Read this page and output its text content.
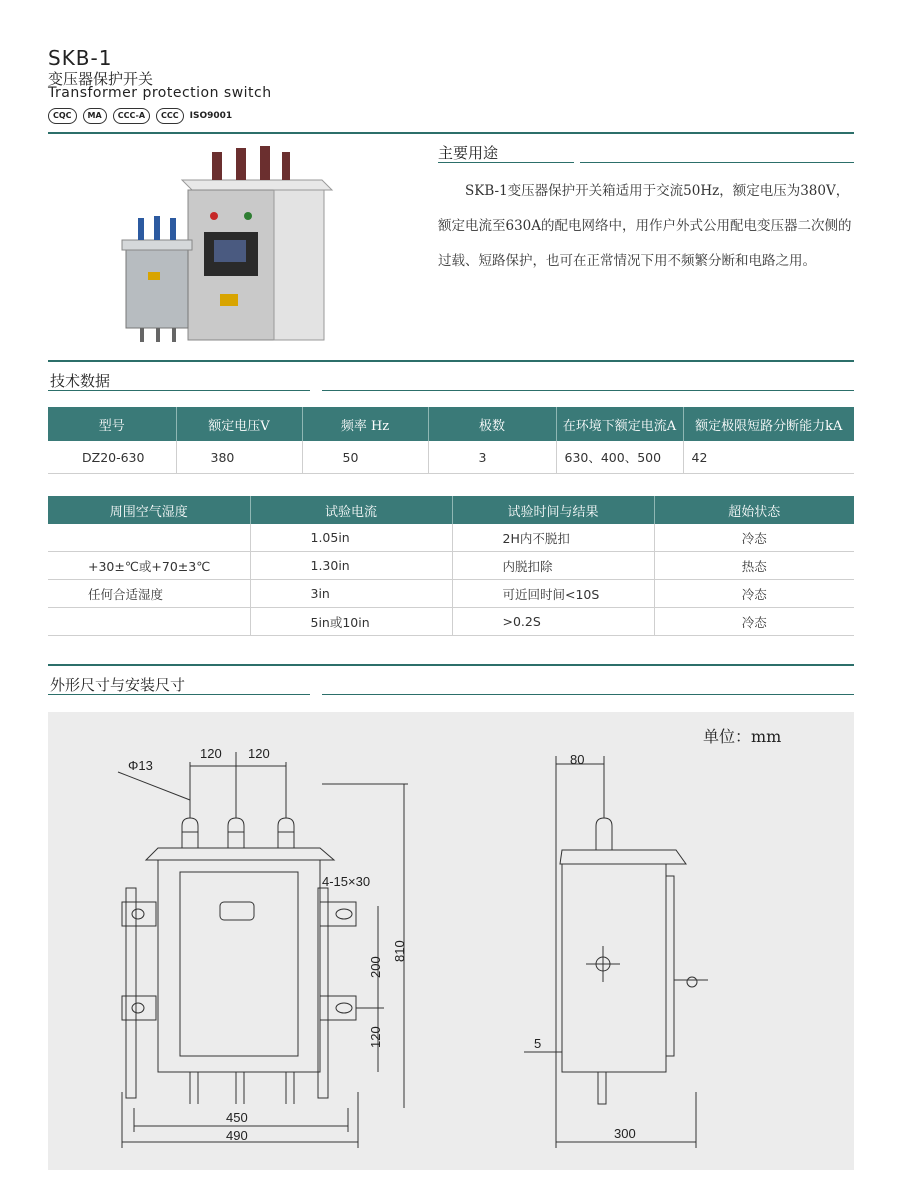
SKB-1
变压器保护开关
Transformer protection switch
CQC	MA	CCC-A	CCC	ISO9001
主要用途
SKB-1变压器保护开关箱适用于交流50Hz，额定电压为380V，额定电流至630A的配电网络中，用作户外式公用配电变压器二次侧的过载、短路保护，也可在正常情况下用不频繁分断和电路之用。
技术数据
型号	额定电压V	频率 Hz	极数	在环境下额定电流A	额定极限短路分断能力kA
DZ20-630	380	50	3	630、400、500	42
周围空气湿度	试验电流	试验时间与结果	超始状态
	1.05in	2H内不脱扣	冷态
+30±℃或+70±3℃	1.30in	内脱扣除	热态
任何合适湿度	3in	可近回时间<10S	冷态
	5in或10in	>0.2S	冷态
外形尺寸与安装尺寸
单位：mm
Φ13
120 120
4-15×30
200
120
810
450
490
80
5
300
